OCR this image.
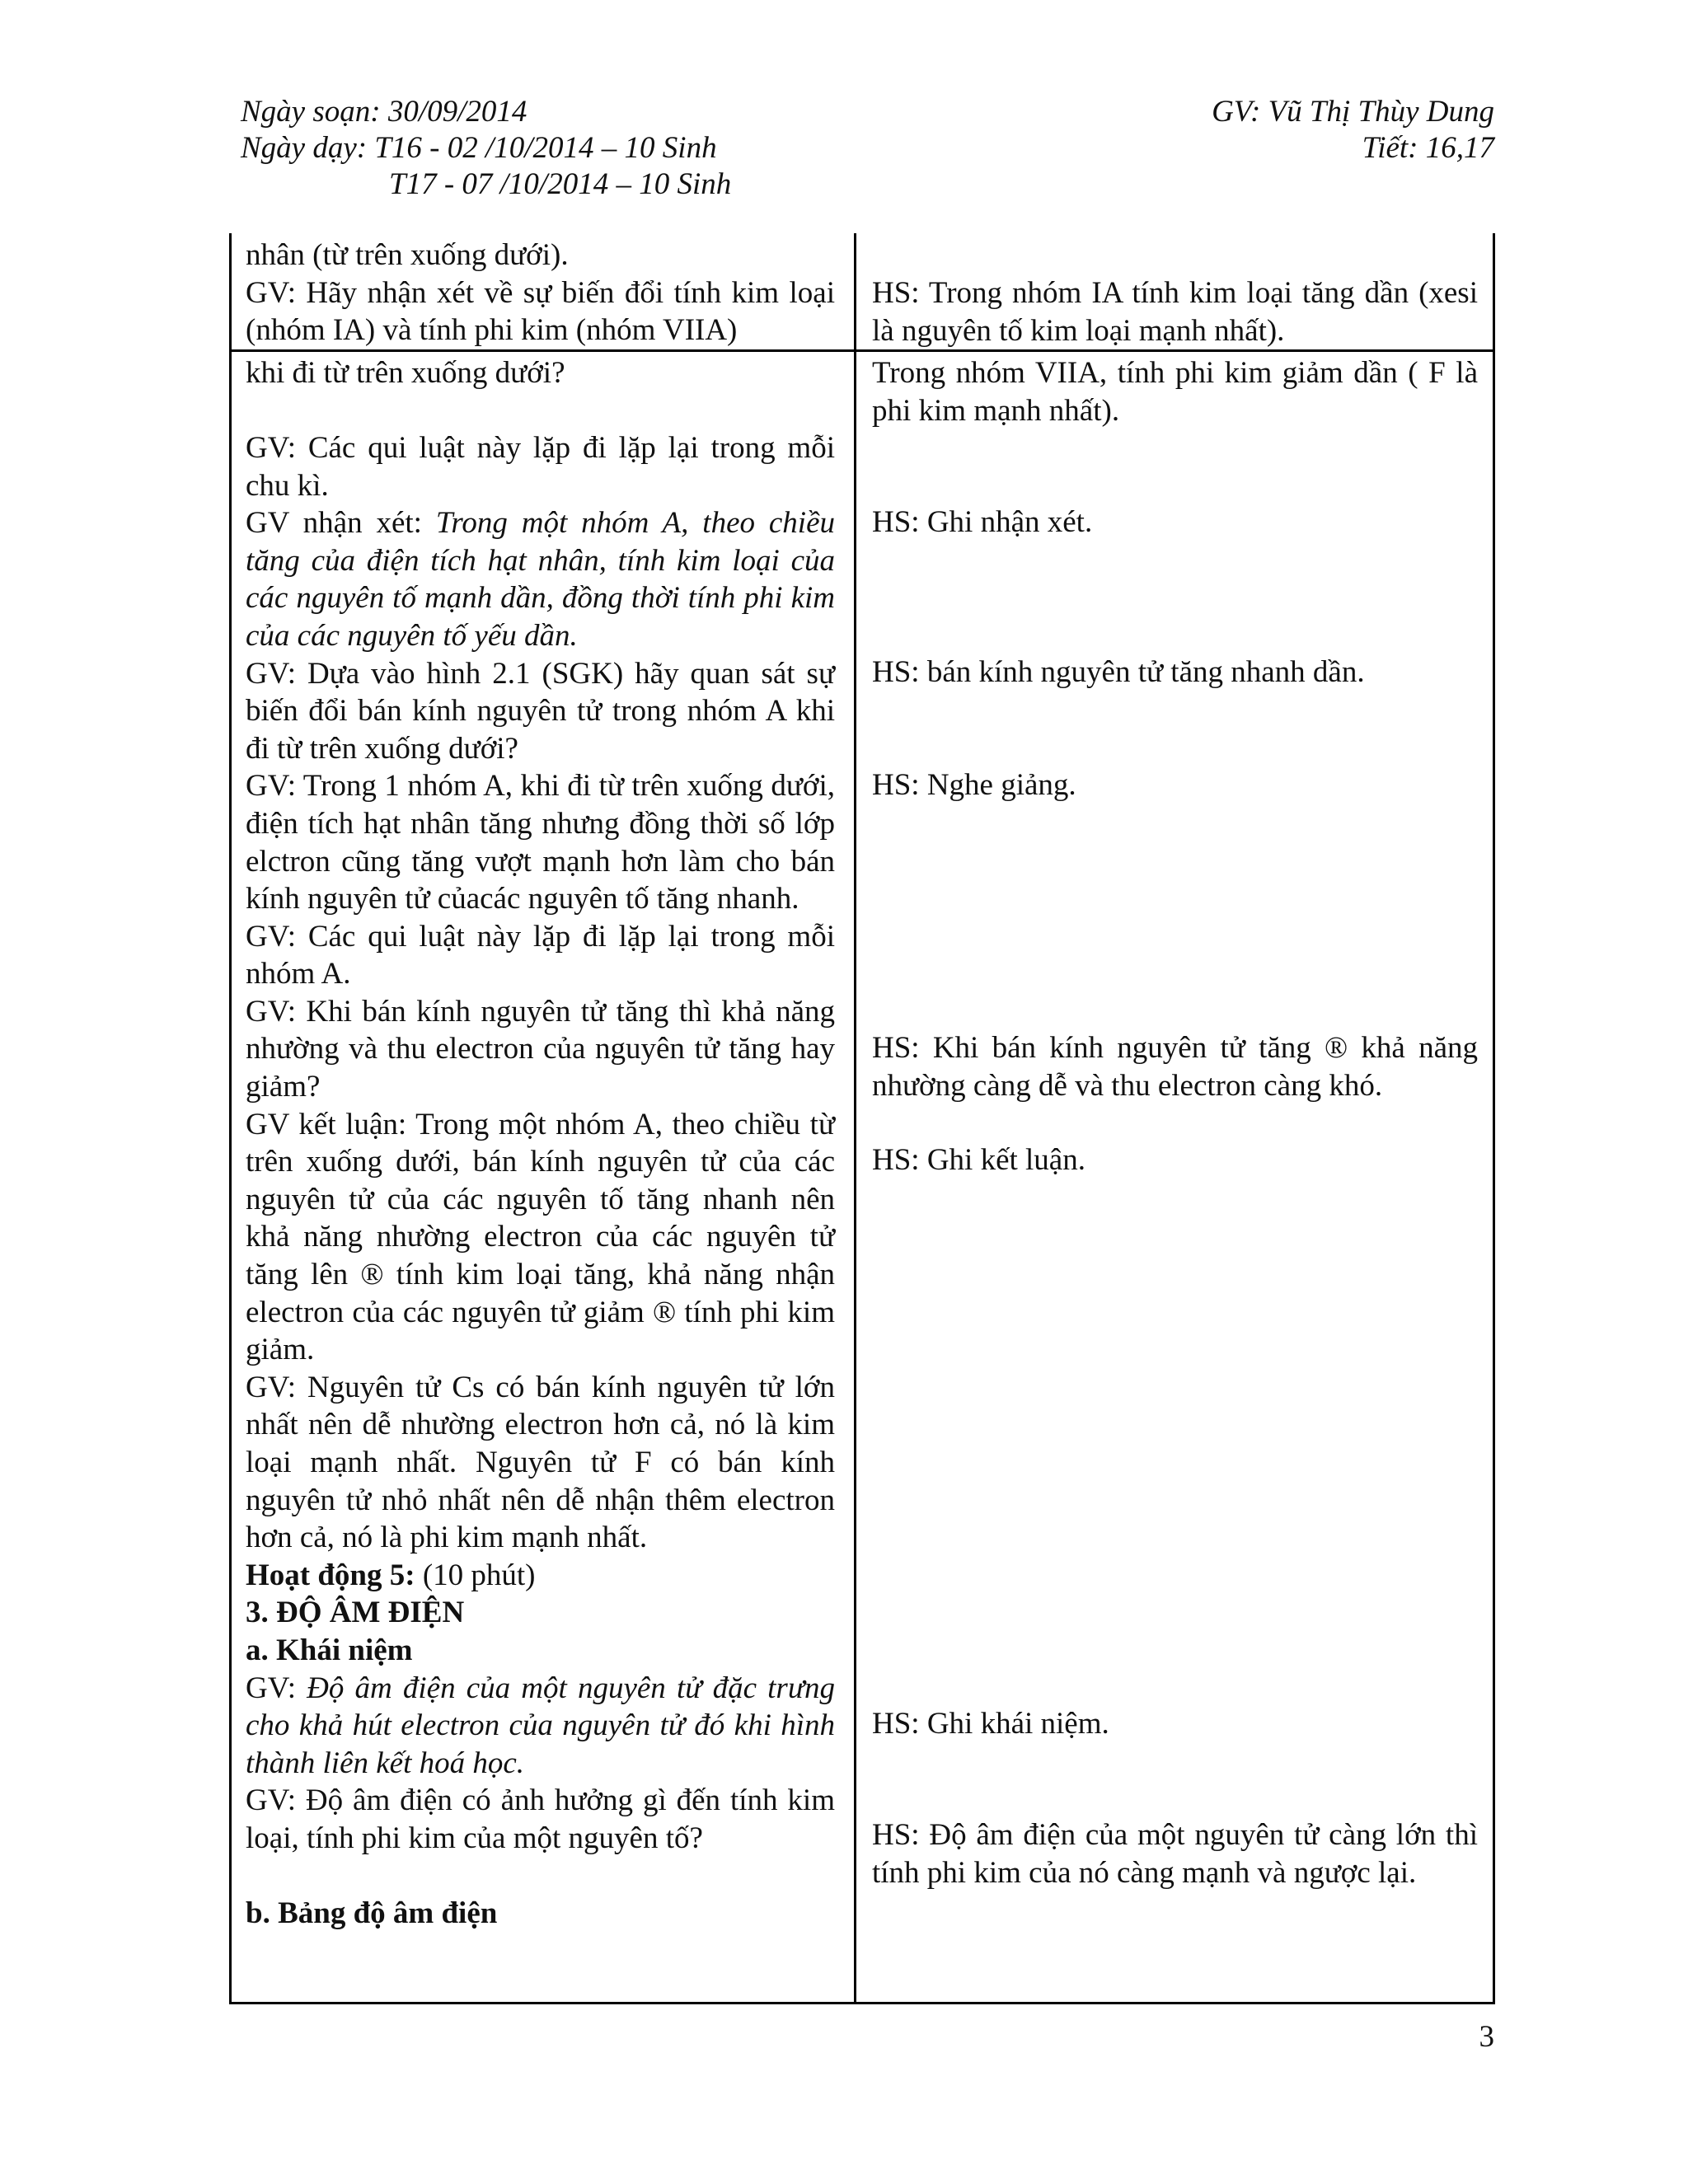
Ngày soạn: 30/09/2014
Ngày dạy: T16 - 02 /10/2014 – 10 Sinh
T17 - 07 /10/2014 – 10 Sinh
GV: Vũ Thị Thùy Dung
Tiết: 16,17
nhân (từ trên xuống dưới).
GV: Hãy nhận xét về sự biến đổi tính kim loại (nhóm IA) và tính phi kim (nhóm VIIA)
khi đi từ trên xuống dưới?
GV: Các qui luật này lặp đi lặp lại trong mỗi chu kì.
GV nhận xét: Trong một nhóm A, theo chiều tăng của điện tích hạt nhân, tính kim loại của các nguyên tố mạnh dần, đồng thời tính phi kim của các nguyên tố yếu dần.
GV: Dựa vào hình 2.1 (SGK) hãy quan sát sự biến đổi bán kính nguyên tử trong nhóm A khi đi từ trên xuống dưới?
GV: Trong 1 nhóm A, khi đi từ trên xuống dưới, điện tích hạt nhân tăng nhưng đồng thời số lớp elctron cũng tăng vượt mạnh hơn làm cho bán kính nguyên tử củacác nguyên tố tăng nhanh.
GV: Các qui luật này lặp đi lặp lại trong mỗi nhóm A.
GV: Khi bán kính nguyên tử tăng thì khả năng nhường và thu electron của nguyên tử tăng hay giảm?
GV kết luận: Trong một nhóm A, theo chiều từ trên xuống dưới, bán kính nguyên tử của các nguyên tử của các nguyên tố tăng nhanh nên khả năng nhường electron của các nguyên tử tăng lên ® tính kim loại tăng, khả năng nhận electron của các nguyên tử giảm ® tính phi kim giảm.
GV: Nguyên tử Cs có bán kính nguyên tử lớn nhất nên dễ nhường electron hơn cả, nó là kim loại mạnh nhất. Nguyên tử F có bán kính nguyên tử nhỏ nhất nên dễ nhận thêm electron hơn cả, nó là phi kim mạnh nhất.
Hoạt động 5: (10 phút)
3. ĐỘ ÂM ĐIỆN
a. Khái niệm
GV: Độ âm điện của một nguyên tử đặc trưng cho khả hút electron của nguyên tử đó khi hình thành liên kết hoá học.
GV: Độ âm điện có ảnh hưởng gì đến tính kim loại, tính phi kim của một nguyên tố?
b. Bảng độ âm điện
HS: Trong nhóm IA tính kim loại tăng dần (xesi là nguyên tố kim loại mạnh nhất).
Trong nhóm VIIA, tính phi kim giảm dần ( F là phi kim mạnh nhất).
HS: Ghi nhận xét.
HS: bán kính nguyên tử tăng nhanh dần.
HS: Nghe giảng.
HS: Khi bán kính nguyên tử tăng ® khả năng nhường càng dễ và thu electron càng khó.
HS: Ghi kết luận.
HS: Ghi khái niệm.
HS: Độ âm điện của một nguyên tử càng lớn thì tính phi kim của nó càng mạnh và ngược lại.
3
